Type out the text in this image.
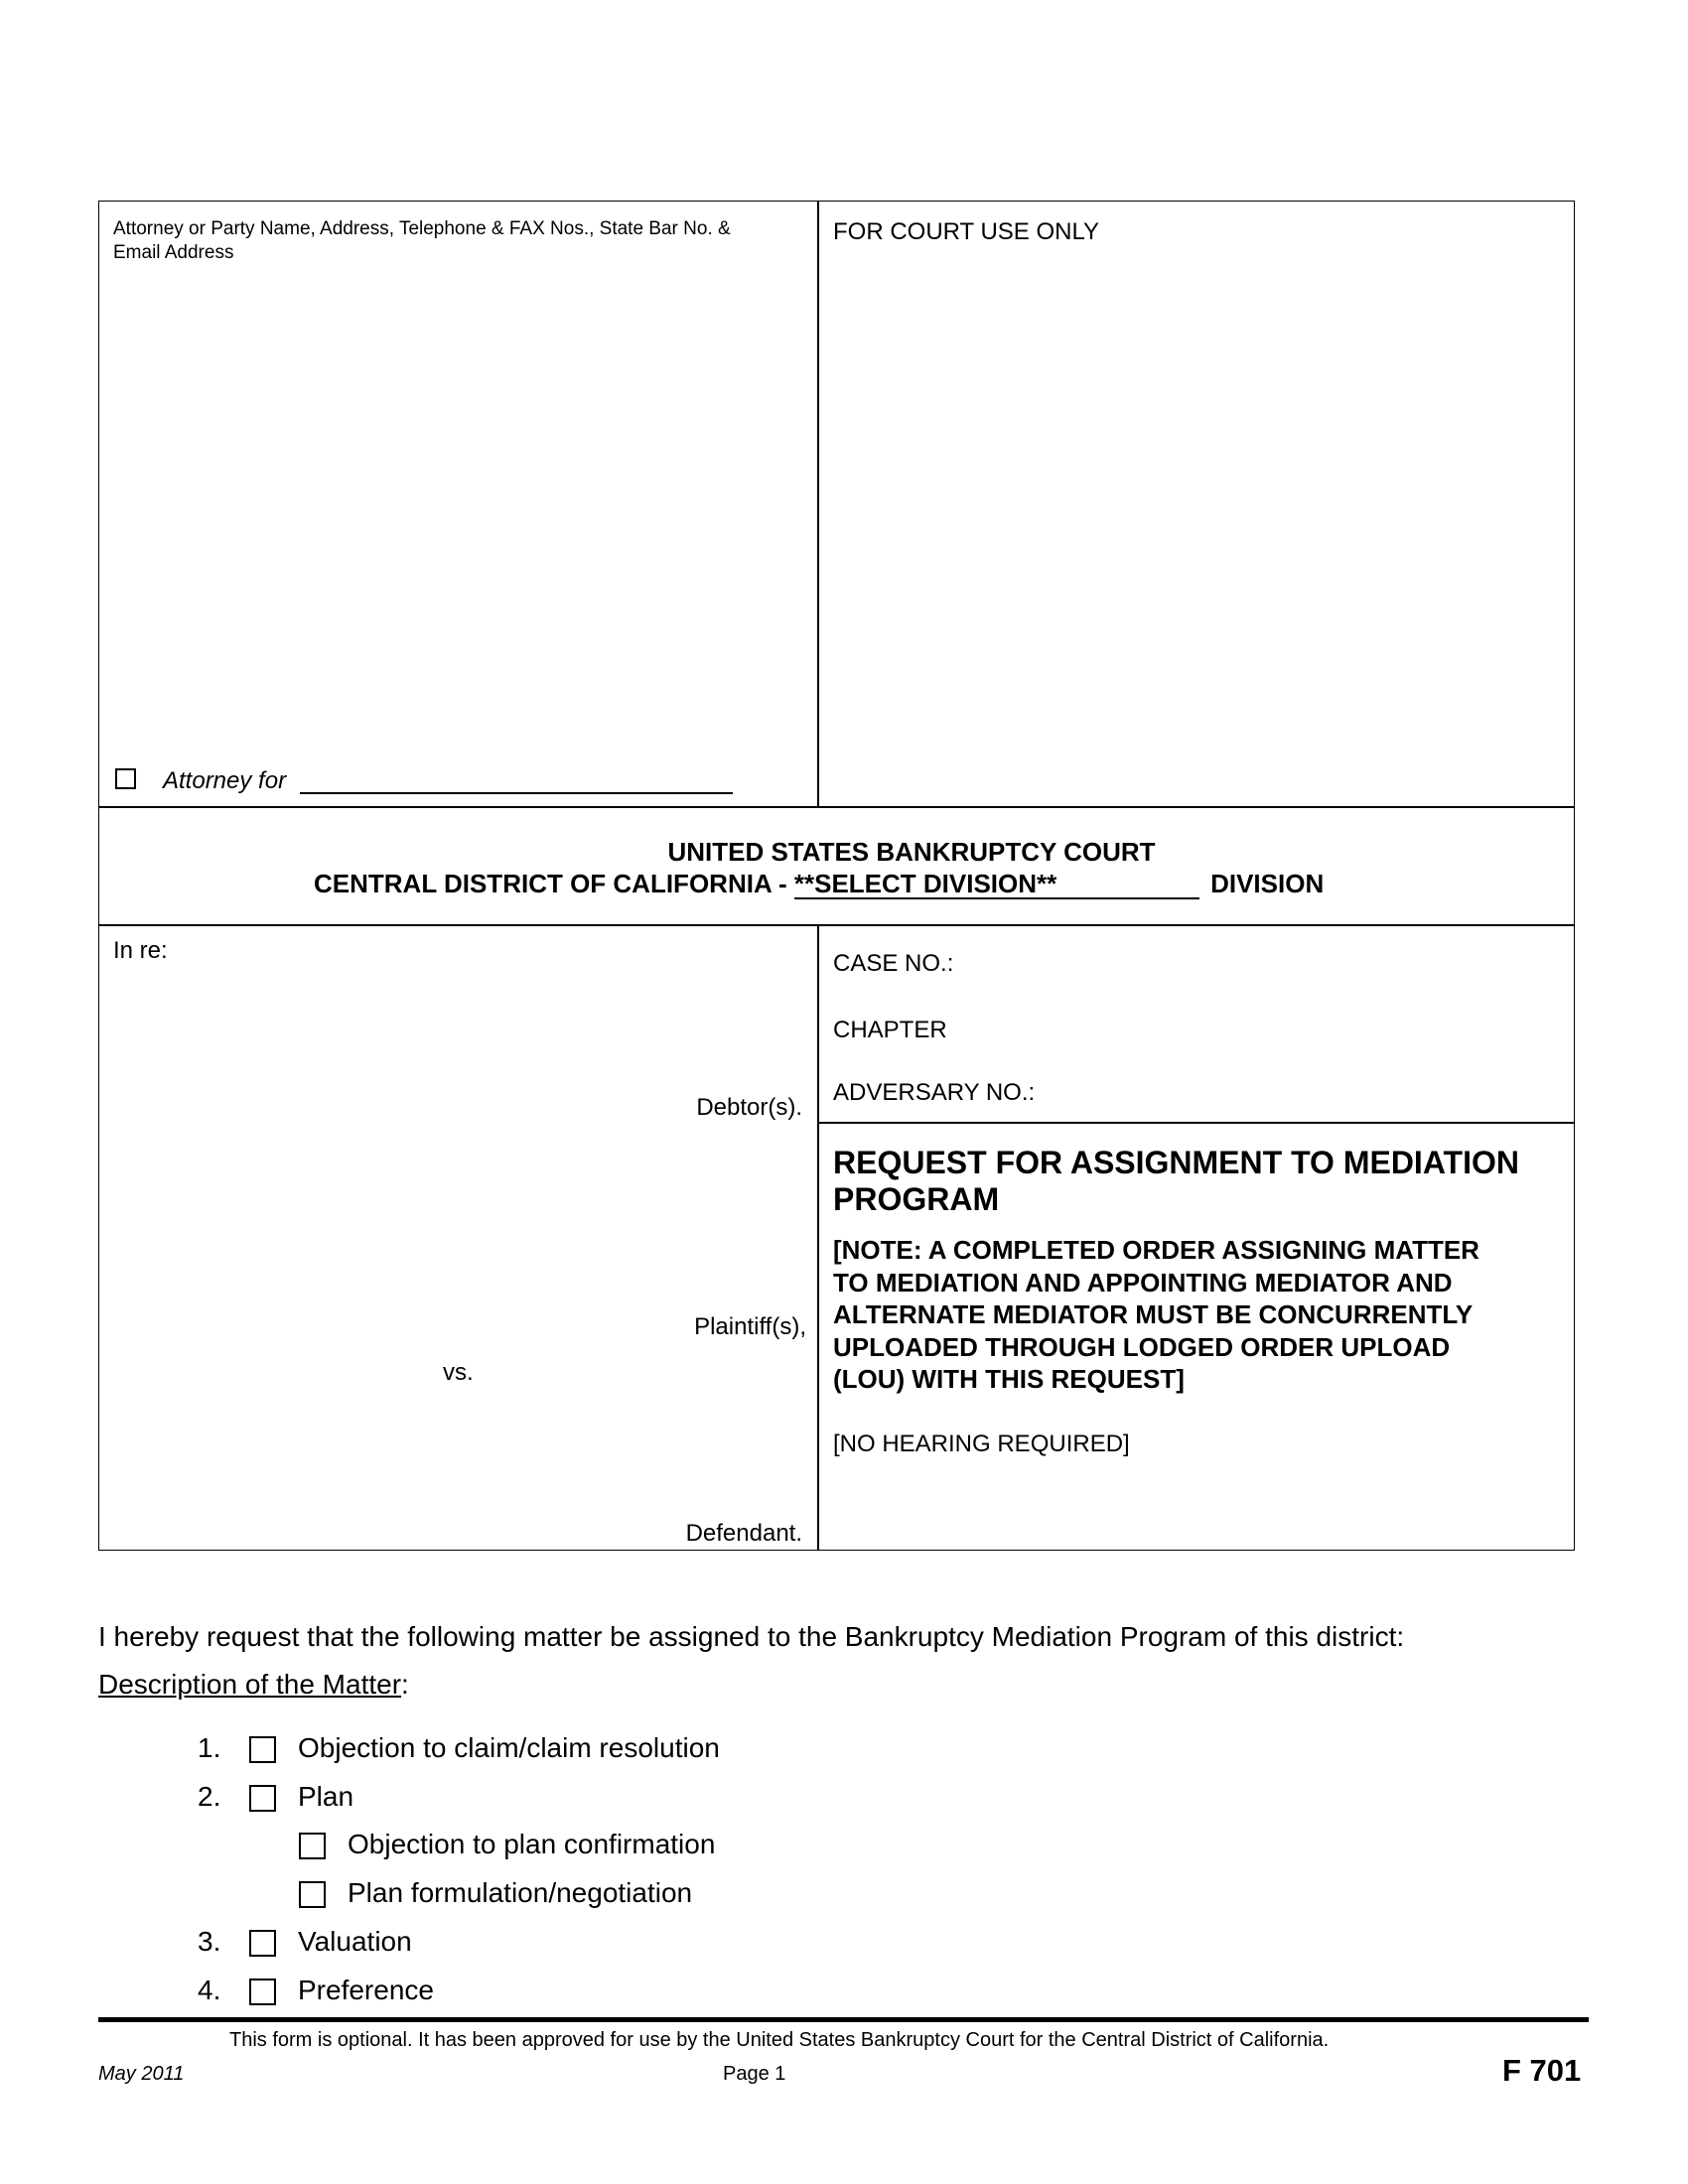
Attorney or Party Name, Address, Telephone & FAX Nos., State Bar No. &
Email Address
FOR COURT USE ONLY
Attorney for
UNITED STATES BANKRUPTCY COURT
CENTRAL DISTRICT OF CALIFORNIA - **SELECT DIVISION**	DIVISION
In re:
Debtor(s).
Plaintiff(s),
vs.
Defendant.
CASE NO.:
CHAPTER
ADVERSARY NO.:
REQUEST FOR ASSIGNMENT TO MEDIATION
PROGRAM
[NOTE: A COMPLETED ORDER ASSIGNING MATTER
TO MEDIATION AND APPOINTING MEDIATOR AND
ALTERNATE MEDIATOR MUST BE CONCURRENTLY
UPLOADED THROUGH LODGED ORDER UPLOAD
(LOU) WITH THIS REQUEST]
[NO HEARING REQUIRED]
I hereby request that the following matter be assigned to the Bankruptcy Mediation Program of this district:
Description of the Matter:
1.	Objection to claim/claim resolution
2.	Plan
Objection to plan confirmation
Plan formulation/negotiation
3.	Valuation
4.	Preference
This form is optional. It has been approved for use by the United States Bankruptcy Court for the Central District of California.
May 2011	Page 1	F 701
